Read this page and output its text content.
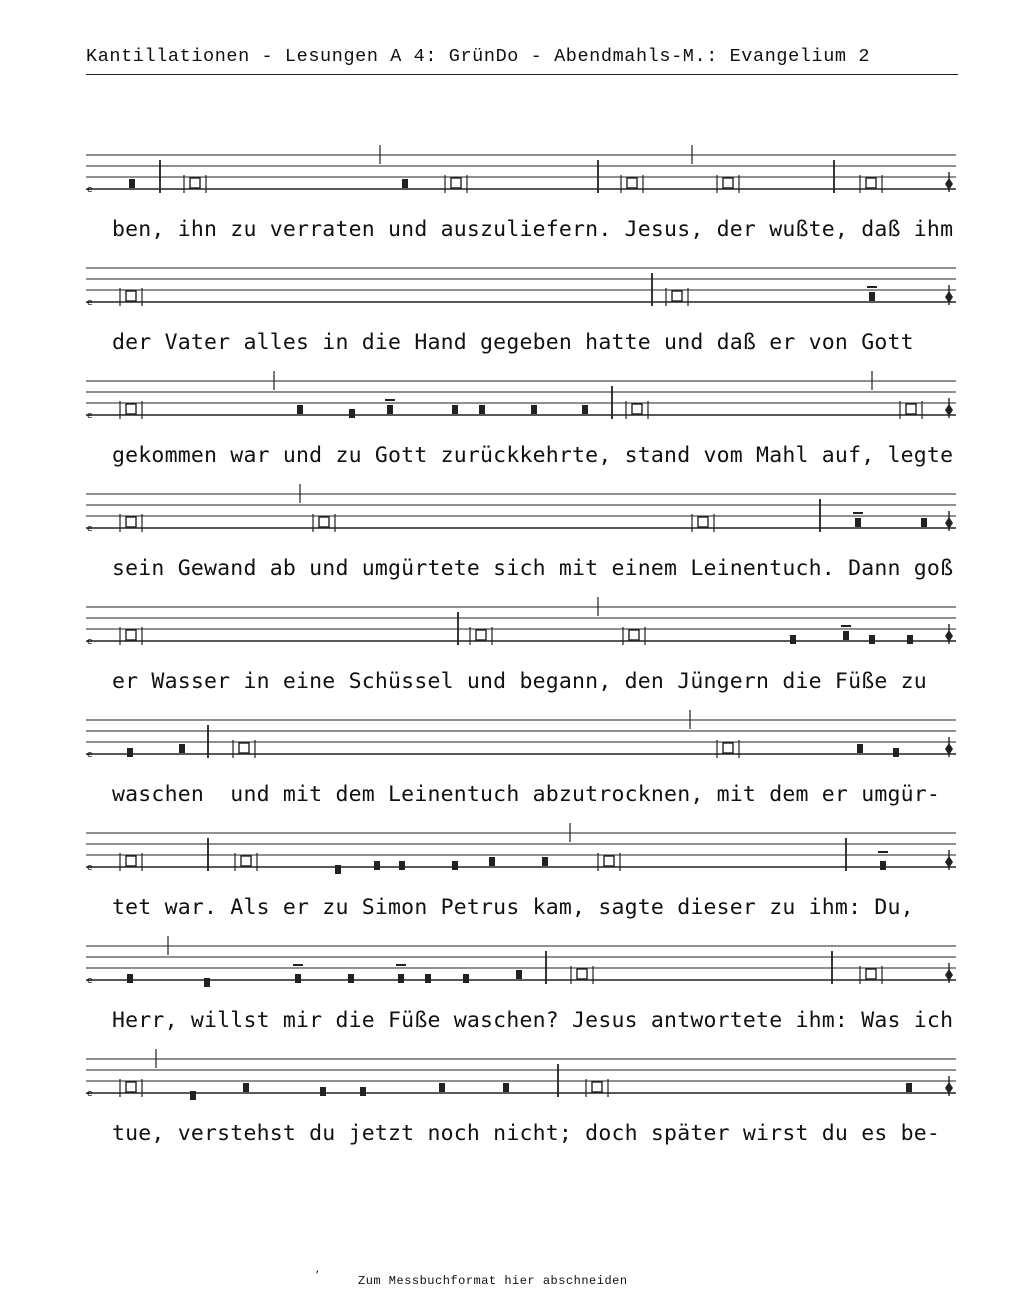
Kantillationen - Lesungen A 4: GrünDo - Abendmahls-M.: Evangelium 2
e
e
e
e
e
e
e
e
e
ben, ihn zu verraten und auszuliefern. Jesus, der wußte, daß ihm
der Vater alles in die Hand gegeben hatte und daß er von Gott
gekommen war und zu Gott zurückkehrte, stand vom Mahl auf, legte
sein Gewand ab und umgürtete sich mit einem Leinentuch. Dann goß
er Wasser in eine Schüssel und begann, den Jüngern die Füße zu
waschen  und mit dem Leinentuch abzutrocknen, mit dem er umgür-
tet war. Als er zu Simon Petrus kam, sagte dieser zu ihm: Du,
Herr, willst mir die Füße waschen? Jesus antwortete ihm: Was ich
tue, verstehst du jetzt noch nicht; doch später wirst du es be-
ʼ	Zum Messbuchformat hier abschneiden
